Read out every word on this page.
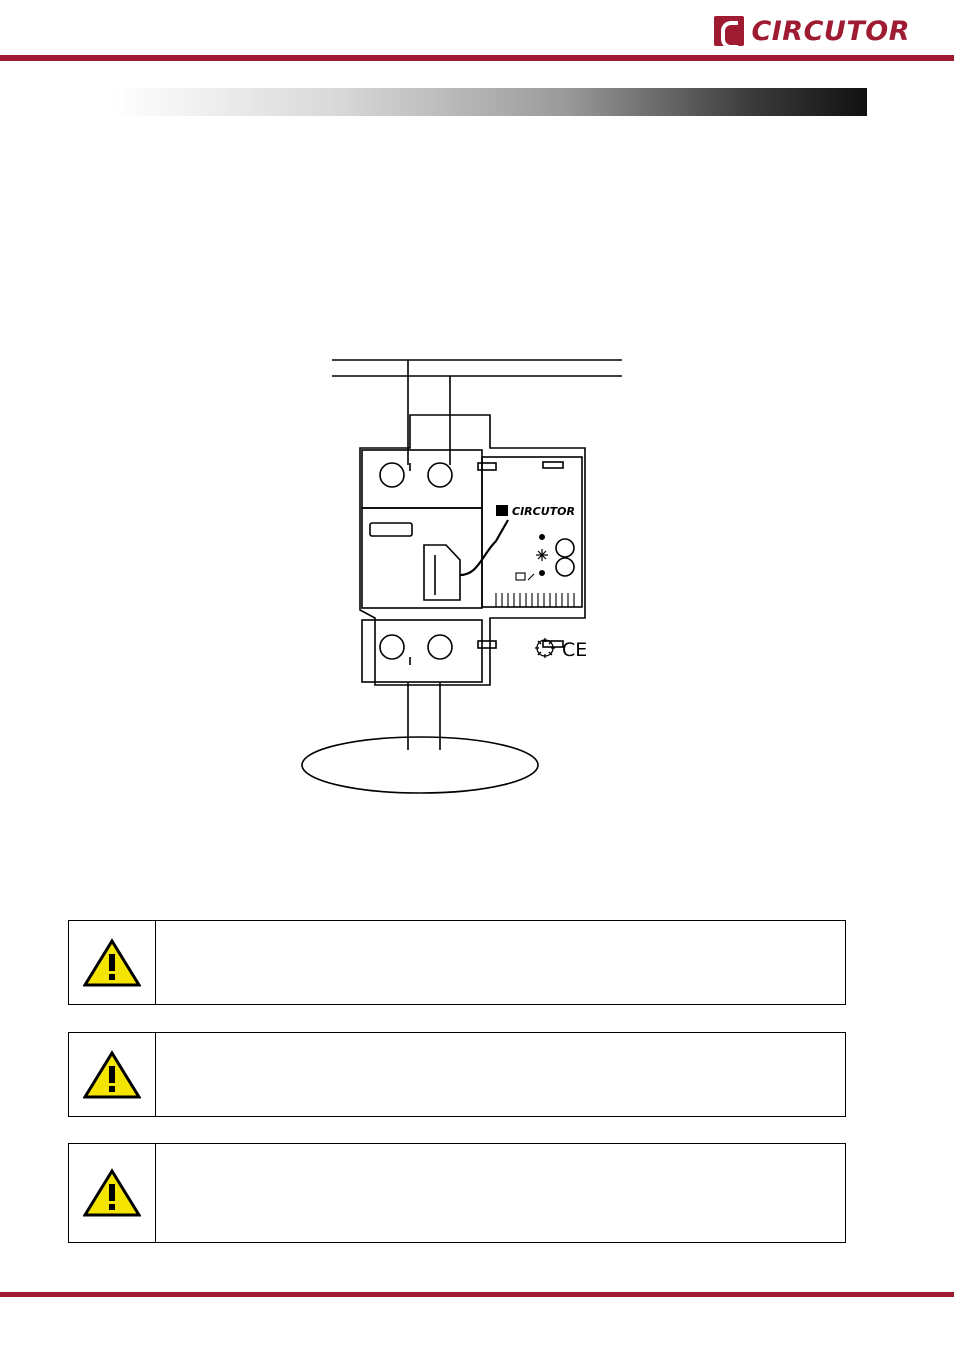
CIRCUTOR
CIRCUTOR
CE
